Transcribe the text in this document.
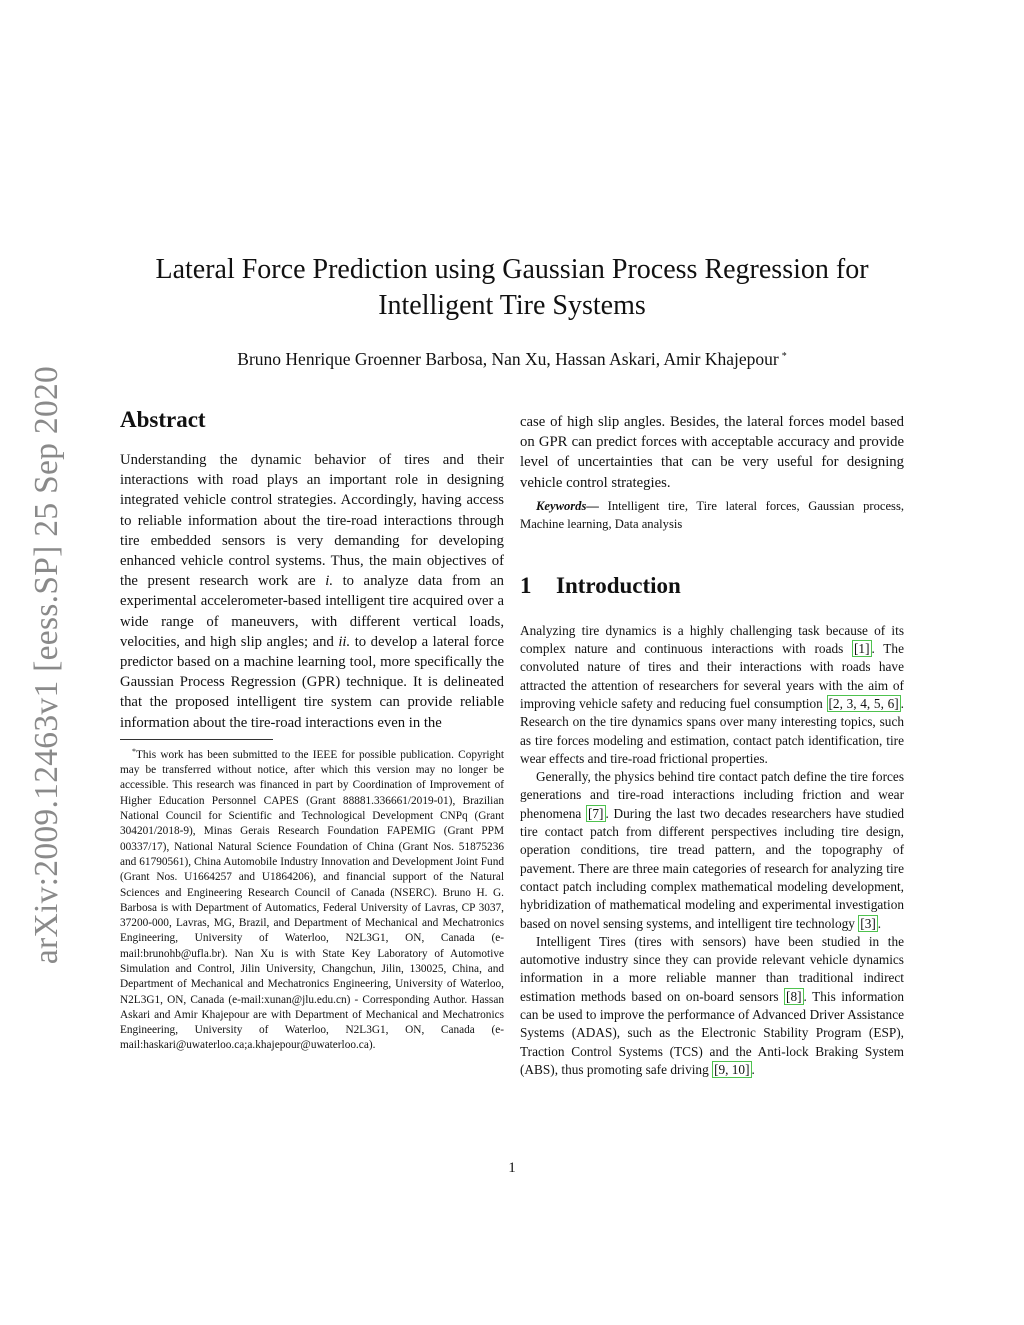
arXiv:2009.12463v1 [eess.SP] 25 Sep 2020
Lateral Force Prediction using Gaussian Process Regression for
Intelligent Tire Systems
Bruno Henrique Groenner Barbosa, Nan Xu, Hassan Askari, Amir Khajepour *
Abstract

Understanding the dynamic behavior of tires and their interactions with road plays an important role in designing integrated vehicle control strategies. Accordingly, having access to reliable information about the tire-road interactions through tire embedded sensors is very demanding for developing enhanced vehicle control systems. Thus, the main objectives of the present research work are i. to analyze data from an experimental accelerometer-based intelligent tire acquired over a wide range of maneuvers, with different vertical loads, velocities, and high slip angles; and ii. to develop a lateral force predictor based on a machine learning tool, more specifically the Gaussian Process Regression (GPR) technique. It is delineated that the proposed intelligent tire system can provide reliable information about the tire-road interactions even in the

*This work has been submitted to the IEEE for possible publication. Copyright may be transferred without notice, after which this version may no longer be accessible. This research was financed in part by Coordination of Improvement of Higher Education Personnel CAPES (Grant 88881.336661/2019-01), Brazilian National Council for Scientific and Technological Development CNPq (Grant 304201/2018-9), Minas Gerais Research Foundation FAPEMIG (Grant PPM 00337/17), National Natural Science Foundation of China (Grant Nos. 51875236 and 61790561), China Automobile Industry Innovation and Development Joint Fund (Grant Nos. U1664257 and U1864206), and financial support of the Natural Sciences and Engineering Research Council of Canada (NSERC). Bruno H. G. Barbosa is with Department of Automatics, Federal University of Lavras, CP 3037, 37200-000, Lavras, MG, Brazil, and Department of Mechanical and Mechatronics Engineering, University of Waterloo, N2L3G1, ON, Canada (e-mail:brunohb@ufla.br). Nan Xu is with State Key Laboratory of Automotive Simulation and Control, Jilin University, Changchun, Jilin, 130025, China, and Department of Mechanical and Mechatronics Engineering, University of Waterloo, N2L3G1, ON, Canada (e-mail:xunan@jlu.edu.cn) - Corresponding Author. Hassan Askari and Amir Khajepour are with Department of Mechanical and Mechatronics Engineering, University of Waterloo, N2L3G1, ON, Canada (e-mail:haskari@uwaterloo.ca;a.khajepour@uwaterloo.ca).

case of high slip angles. Besides, the lateral forces model based on GPR can predict forces with acceptable accuracy and provide level of uncertainties that can be very useful for designing vehicle control strategies.

Keywords— Intelligent tire, Tire lateral forces, Gaussian process, Machine learning, Data analysis

1 Introduction

Analyzing tire dynamics is a highly challenging task because of its complex nature and continuous interactions with roads [1] . The convoluted nature of tires and their interactions with roads have attracted the attention of researchers for several years with the aim of improving vehicle safety and reducing fuel consumption [2, 3, 4, 5, 6] . Research on the tire dynamics spans over many interesting topics, such as tire forces modeling and estimation, contact patch identification, tire wear effects and tire-road frictional properties.

Generally, the physics behind tire contact patch define the tire forces generations and tire-road interactions including friction and wear phenomena [7] . During the last two decades researchers have studied tire contact patch from different perspectives including tire design, operation conditions, tire tread pattern, and the topography of pavement. There are three main categories of research for analyzing tire contact patch including complex mathematical modeling development, hybridization of mathematical modeling and experimental investigation based on novel sensing systems, and intelligent tire technology [3] .

Intelligent Tires (tires with sensors) have been studied in the automotive industry since they can provide relevant vehicle dynamics information in a more reliable manner than traditional indirect estimation methods based on on-board sensors [8] . This information can be used to improve the performance of Advanced Driver Assistance Systems (ADAS), such as the Electronic Stability Program (ESP), Traction Control Systems (TCS) and the Anti-lock Braking System (ABS), thus promoting safe driving [9, 10] .

1
